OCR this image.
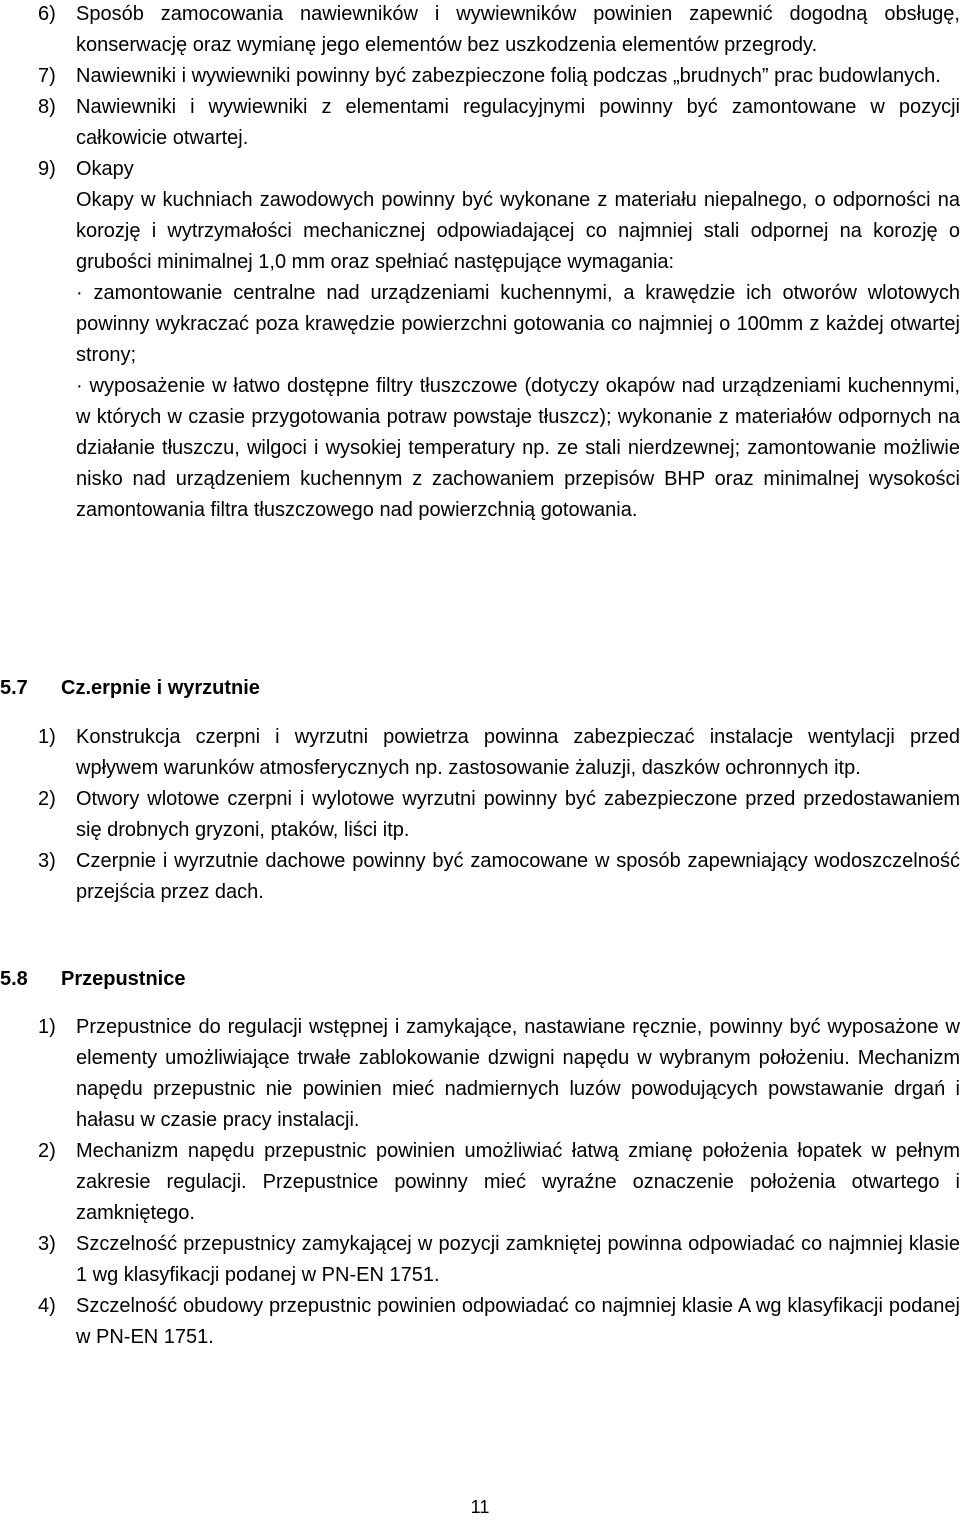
6) Sposób zamocowania nawiewników i wywiewników powinien zapewnić dogodną obsługę, konserwację oraz wymianę jego elementów bez uszkodzenia elementów przegrody.

7) Nawiewniki i wywiewniki powinny być zabezpieczone folią podczas „brudnych” prac budowlanych.

8) Nawiewniki i wywiewniki z elementami regulacyjnymi powinny być zamontowane w pozycji całkowicie otwartej.

9) Okapy

Okapy w kuchniach zawodowych powinny być wykonane z materiału niepalnego, o odporności na korozję i wytrzymałości mechanicznej odpowiadającej co najmniej stali odpornej na korozję o grubości minimalnej 1,0 mm oraz spełniać następujące wymagania:

· zamontowanie centralne nad urządzeniami kuchennymi, a krawędzie ich otworów wlotowych powinny wykraczać poza krawędzie powierzchni gotowania co najmniej o 100mm z każdej otwartej strony;

· wyposażenie w łatwo dostępne filtry tłuszczowe (dotyczy okapów nad urządzeniami kuchennymi, w których w czasie przygotowania potraw powstaje tłuszcz); wykonanie z materiałów odpornych na działanie tłuszczu, wilgoci i wysokiej temperatury np. ze stali nierdzewnej; zamontowanie możliwie nisko nad urządzeniem kuchennym z zachowaniem przepisów BHP oraz minimalnej wysokości zamontowania filtra tłuszczowego nad powierzchnią gotowania.

5.7 Cz.erpnie i wyrzutnie

1) Konstrukcja czerpni i wyrzutni powietrza powinna zabezpieczać instalacje wentylacji przed wpływem warunków atmosferycznych np. zastosowanie żaluzji, daszków ochronnych itp.

2) Otwory wlotowe czerpni i wylotowe wyrzutni powinny być zabezpieczone przed przedostawaniem się drobnych gryzoni, ptaków, liści itp.

3) Czerpnie i wyrzutnie dachowe powinny być zamocowane w sposób zapewniający wodoszczelność przejścia przez dach.

5.8 Przepustnice

1) Przepustnice do regulacji wstępnej i zamykające, nastawiane ręcznie, powinny być wyposażone w elementy umożliwiające trwałe zablokowanie dzwigni napędu w wybranym położeniu. Mechanizm napędu przepustnic nie powinien mieć nadmiernych luzów powodujących powstawanie drgań i hałasu w czasie pracy instalacji.

2) Mechanizm napędu przepustnic powinien umożliwiać łatwą zmianę położenia łopatek w pełnym zakresie regulacji. Przepustnice powinny mieć wyraźne oznaczenie położenia otwartego i zamkniętego.

3) Szczelność przepustnicy zamykającej w pozycji zamkniętej powinna odpowiadać co najmniej klasie 1 wg klasyfikacji podanej w PN-EN 1751.

4) Szczelność obudowy przepustnic powinien odpowiadać co najmniej klasie A wg klasyfikacji podanej w PN-EN 1751.

11
